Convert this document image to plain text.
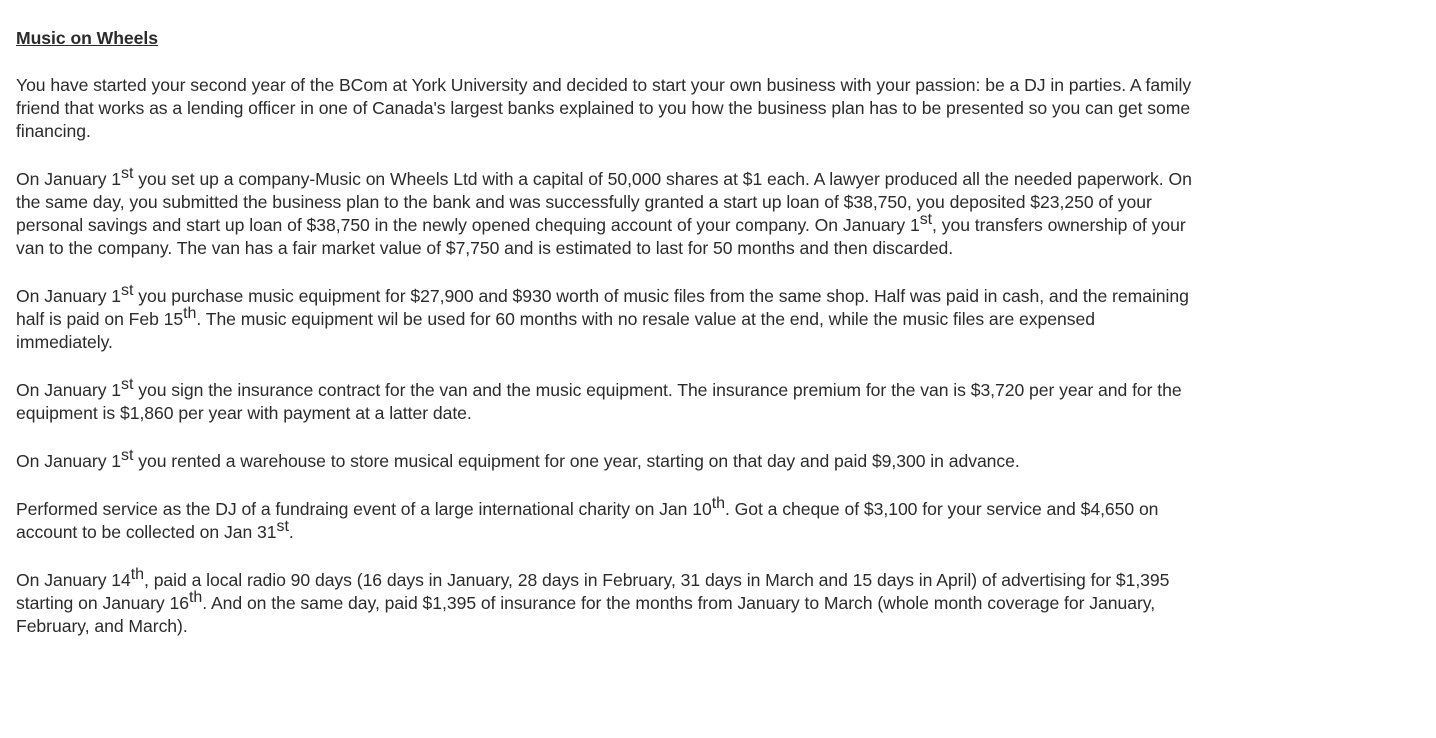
Music on Wheels
You have started your second year of the BCom at York University and decided to start your own business with your passion: be a DJ in parties. A family friend that works as a lending officer in one of Canada's largest banks explained to you how the business plan has to be presented so you can get some financing.
On January 1st you set up a company-Music on Wheels Ltd with a capital of 50,000 shares at $1 each. A lawyer produced all the needed paperwork. On the same day, you submitted the business plan to the bank and was successfully granted a start up loan of $38,750, you deposited $23,250 of your personal savings and start up loan of $38,750 in the newly opened chequing account of your company. On January 1st, you transfers ownership of your van to the company. The van has a fair market value of $7,750 and is estimated to last for 50 months and then discarded.
On January 1st you purchase music equipment for $27,900 and $930 worth of music files from the same shop. Half was paid in cash, and the remaining half is paid on Feb 15th. The music equipment wil be used for 60 months with no resale value at the end, while the music files are expensed immediately.
On January 1st you sign the insurance contract for the van and the music equipment. The insurance premium for the van is $3,720 per year and for the equipment is $1,860 per year with payment at a latter date.
On January 1st you rented a warehouse to store musical equipment for one year, starting on that day and paid $9,300 in advance.
Performed service as the DJ of a fundraing event of a large international charity on Jan 10th. Got a cheque of $3,100 for your service and $4,650 on account to be collected on Jan 31st.
On January 14th, paid a local radio 90 days (16 days in January, 28 days in February, 31 days in March and 15 days in April) of advertising for $1,395 starting on January 16th. And on the same day, paid $1,395 of insurance for the months from January to March (whole month coverage for January, February, and March).
